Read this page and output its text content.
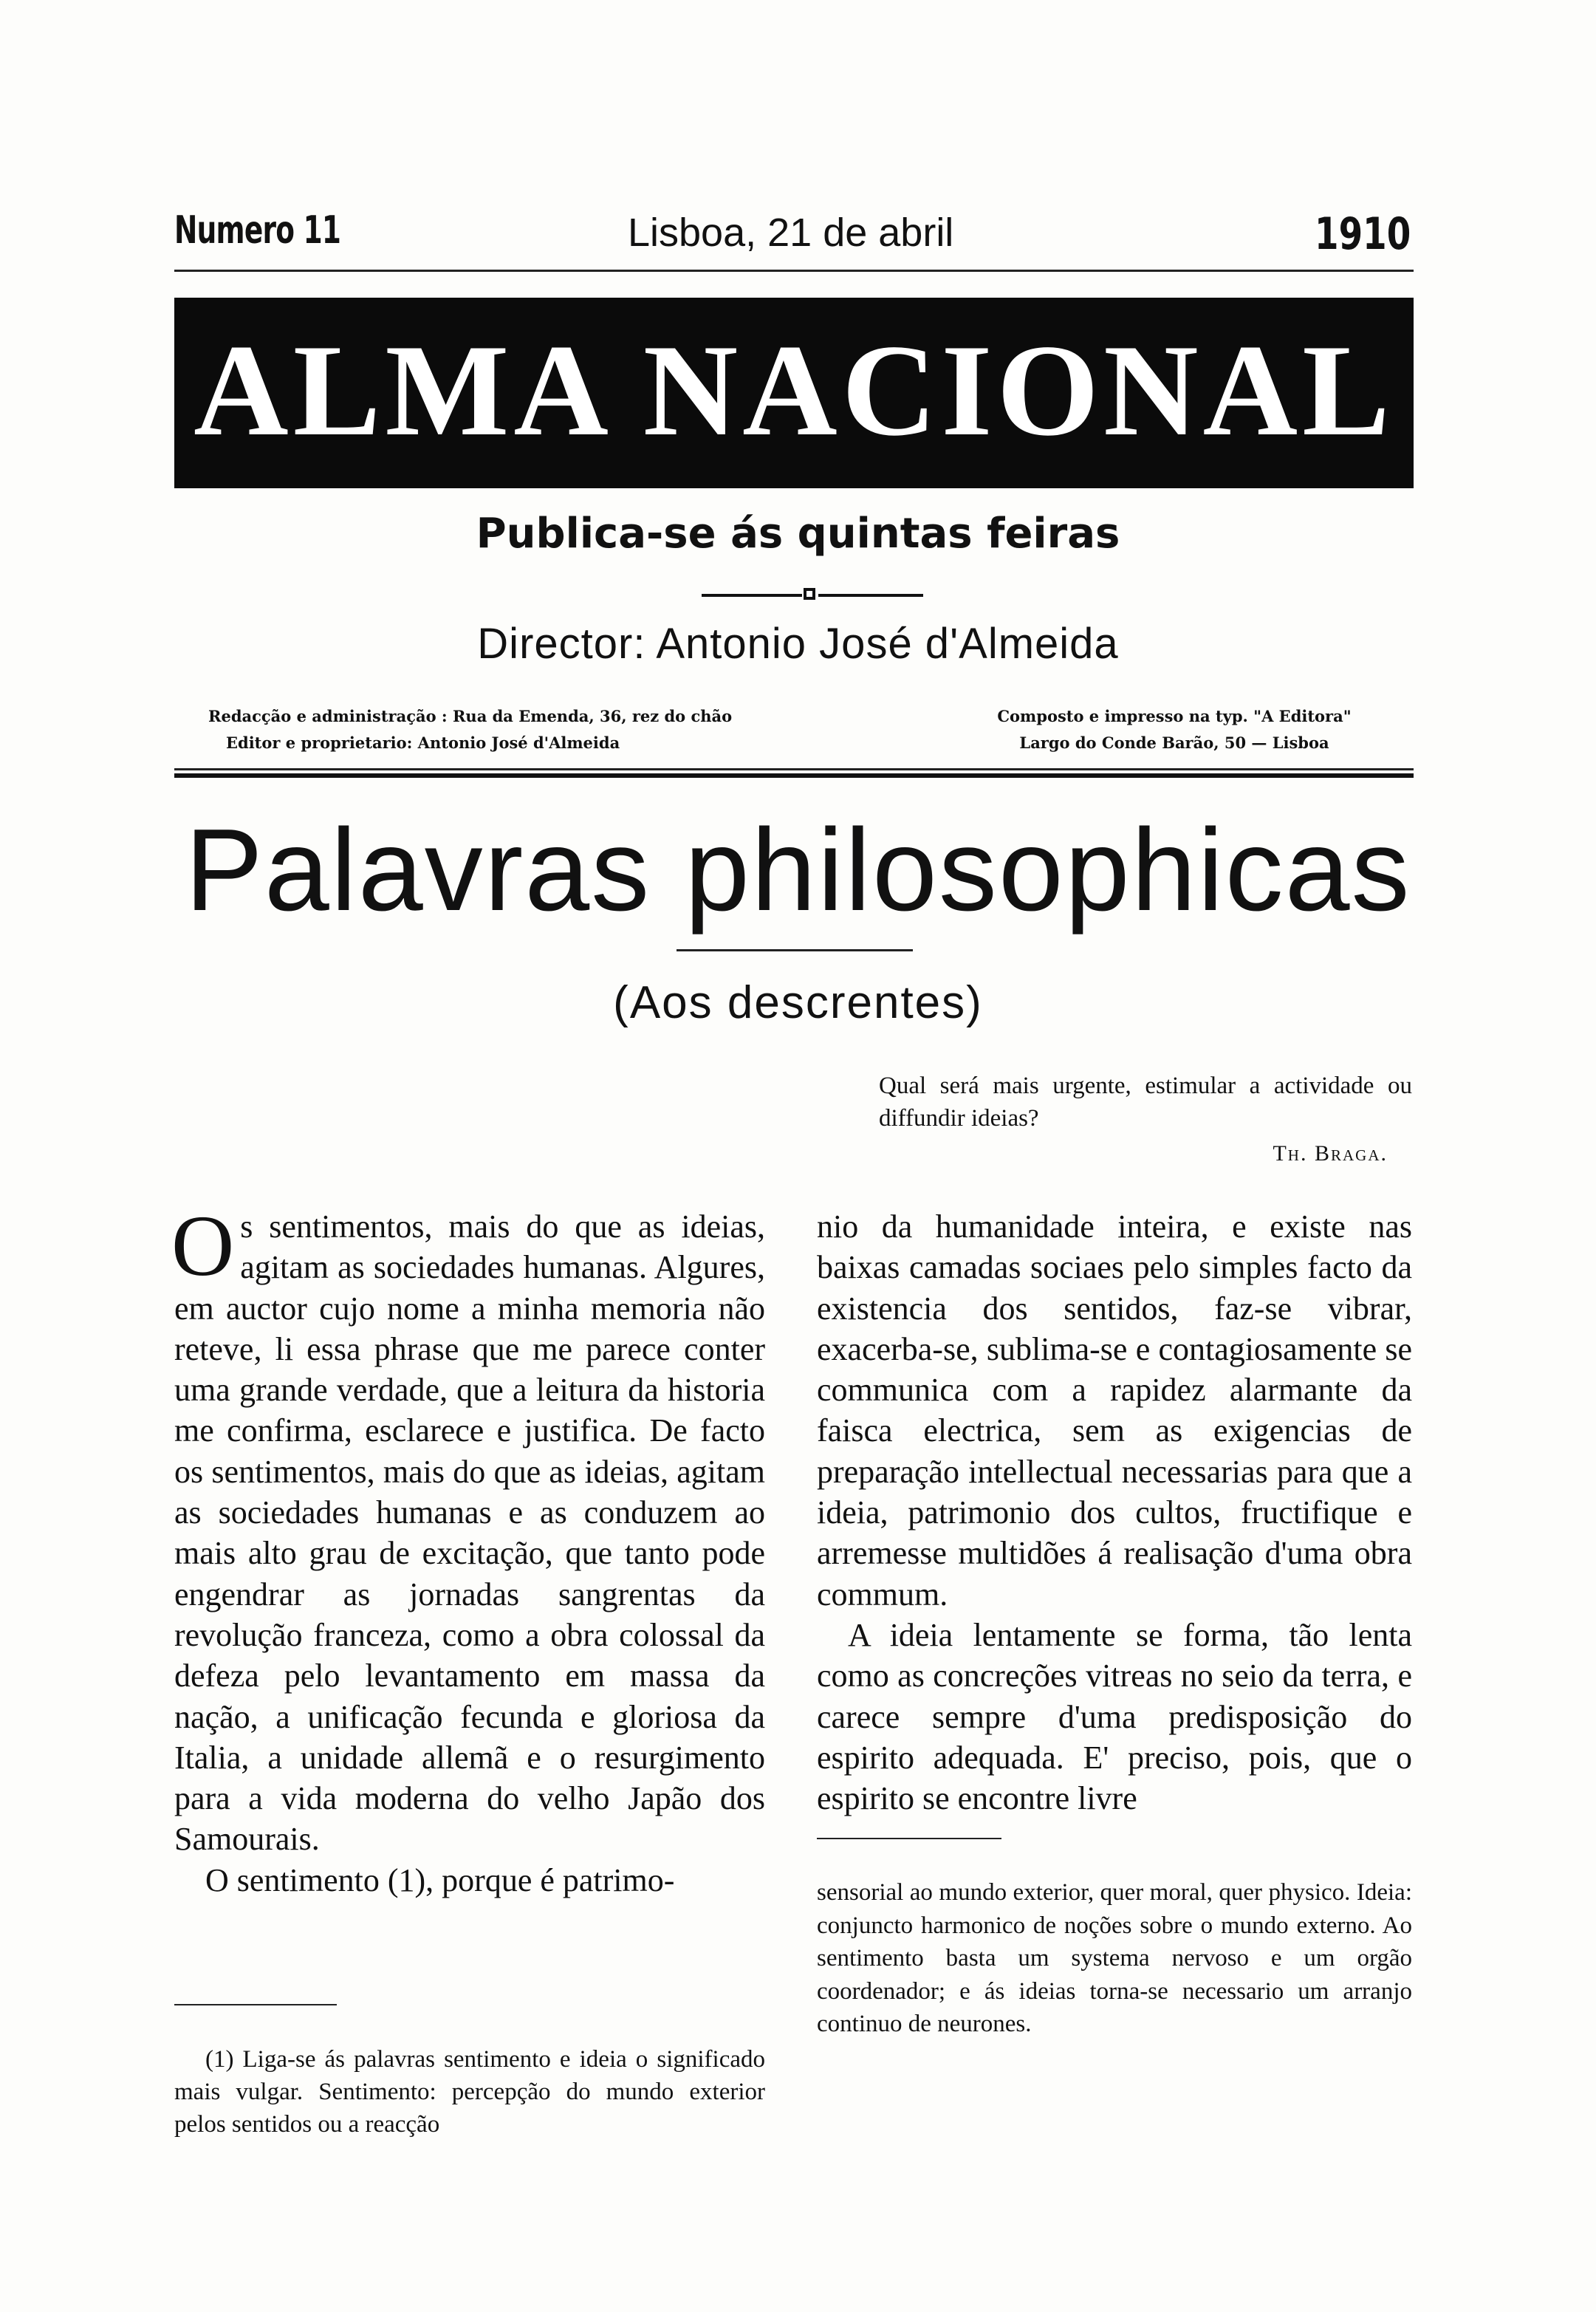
Numero 11	Lisboa, 21 de abril	1910
ALMA NACIONAL
Publica-se ás quintas feiras
Director: Antonio José d'Almeida
Redacção e administração : Rua da Emenda, 36, rez do chão
Editor e proprietario: Antonio José d'Almeida
Composto e impresso na typ. "A Editora"
Largo do Conde Barão, 50 — Lisboa
Palavras philosophicas
(Aos descrentes)
Qual será mais urgente, estimular a actividade ou diffundir ideias?
Th. Braga.

Os sentimentos, mais do que as ideias, agitam as sociedades humanas. Algures, em auctor cujo nome a minha memoria não reteve, li essa phrase que me parece conter uma grande verdade, que a leitura da historia me confirma, esclarece e justifica. De facto os sentimentos, mais do que as ideias, agitam as sociedades humanas e as conduzem ao mais alto grau de excitação, que tanto pode engendrar as jornadas sangrentas da revolução franceza, como a obra colossal da defeza pelo levantamento em massa da nação, a unificação fecunda e gloriosa da Italia, a unidade allemã e o resurgimento para a vida moderna do velho Japão dos Samourais.

O sentimento (1), porque é patrimo-

nio da humanidade inteira, e existe nas baixas camadas sociaes pelo simples facto da existencia dos sentidos, faz-se vibrar, exacerba-se, sublima-se e contagiosamente se communica com a rapidez alarmante da faisca electrica, sem as exigencias de preparação intellectual necessarias para que a ideia, patrimonio dos cultos, fructifique e arremesse multidões á realisação d'uma obra commum.

A ideia lentamente se forma, tão lenta como as concreções vitreas no seio da terra, e carece sempre d'uma predisposição do espirito adequada. E' preciso, pois, que o espirito se encontre livre

(1) Liga-se ás palavras sentimento e ideia o significado mais vulgar. Sentimento: percepção do mundo exterior pelos sentidos ou a reacção

sensorial ao mundo exterior, quer moral, quer physico. Ideia: conjuncto harmonico de noções sobre o mundo externo. Ao sentimento basta um systema nervoso e um orgão coordenador; e ás ideias torna-se necessario um arranjo continuo de neurones.
